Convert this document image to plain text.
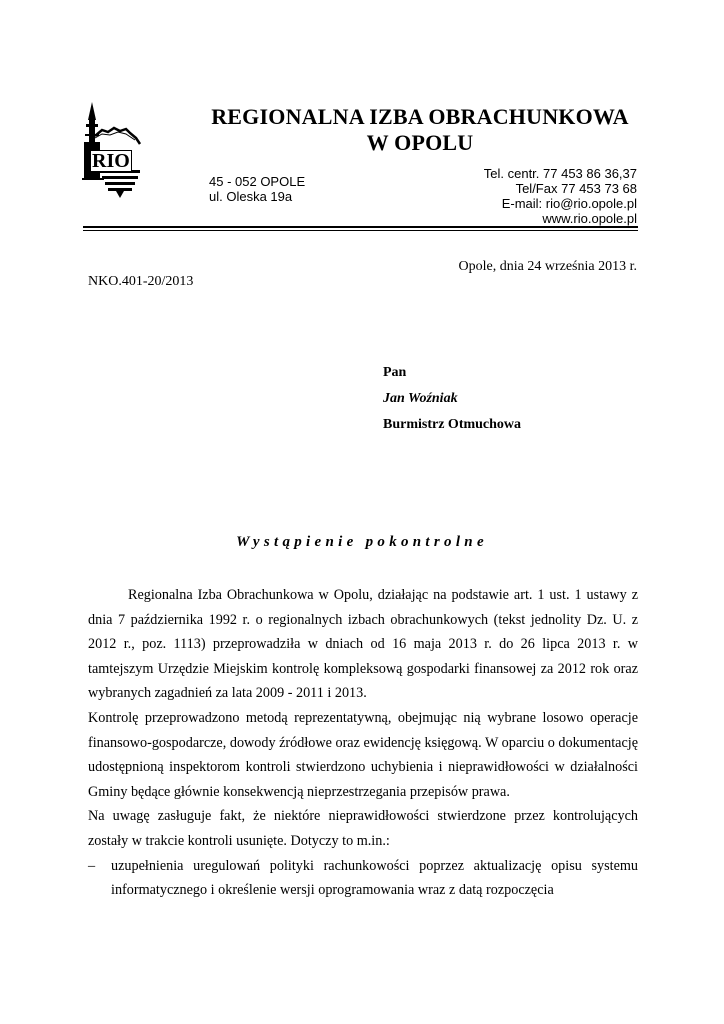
RIO
REGIONALNA IZBA OBRACHUNKOWA
W OPOLU
45 - 052 OPOLE
ul. Oleska 19a
Tel. centr. 77 453 86 36,37
Tel/Fax 77 453 73 68
E-mail: rio@rio.opole.pl
www.rio.opole.pl
Opole, dnia 24 września 2013 r.
NKO.401-20/2013
Pan
Jan Woźniak
Burmistrz Otmuchowa
Wystąpienie pokontrolne

Regionalna Izba Obrachunkowa w Opolu, działając na podstawie art. 1 ust. 1 ustawy z dnia 7 października 1992 r. o regionalnych izbach obrachunkowych (tekst jednolity Dz. U. z 2012 r., poz. 1113) przeprowadziła w dniach od 16 maja 2013 r. do 26 lipca 2013 r. w tamtejszym Urzędzie Miejskim kontrolę kompleksową gospodarki finansowej za 2012 rok oraz wybranych zagadnień za lata 2009 - 2011 i 2013.

Kontrolę przeprowadzono metodą reprezentatywną, obejmując nią wybrane losowo operacje finansowo-gospodarcze, dowody źródłowe oraz ewidencję księgową. W oparciu o dokumentację udostępnioną inspektorom kontroli stwierdzono uchybienia i nieprawidłowości w działalności Gminy będące głównie konsekwencją nieprzestrzegania przepisów prawa.

Na uwagę zasługuje fakt, że niektóre nieprawidłowości stwierdzone przez kontrolujących zostały w trakcie kontroli usunięte. Dotyczy to m.in.:

– uzupełnienia uregulowań polityki rachunkowości poprzez aktualizację opisu systemu informatycznego i określenie wersji oprogramowania wraz z datą rozpoczęcia
